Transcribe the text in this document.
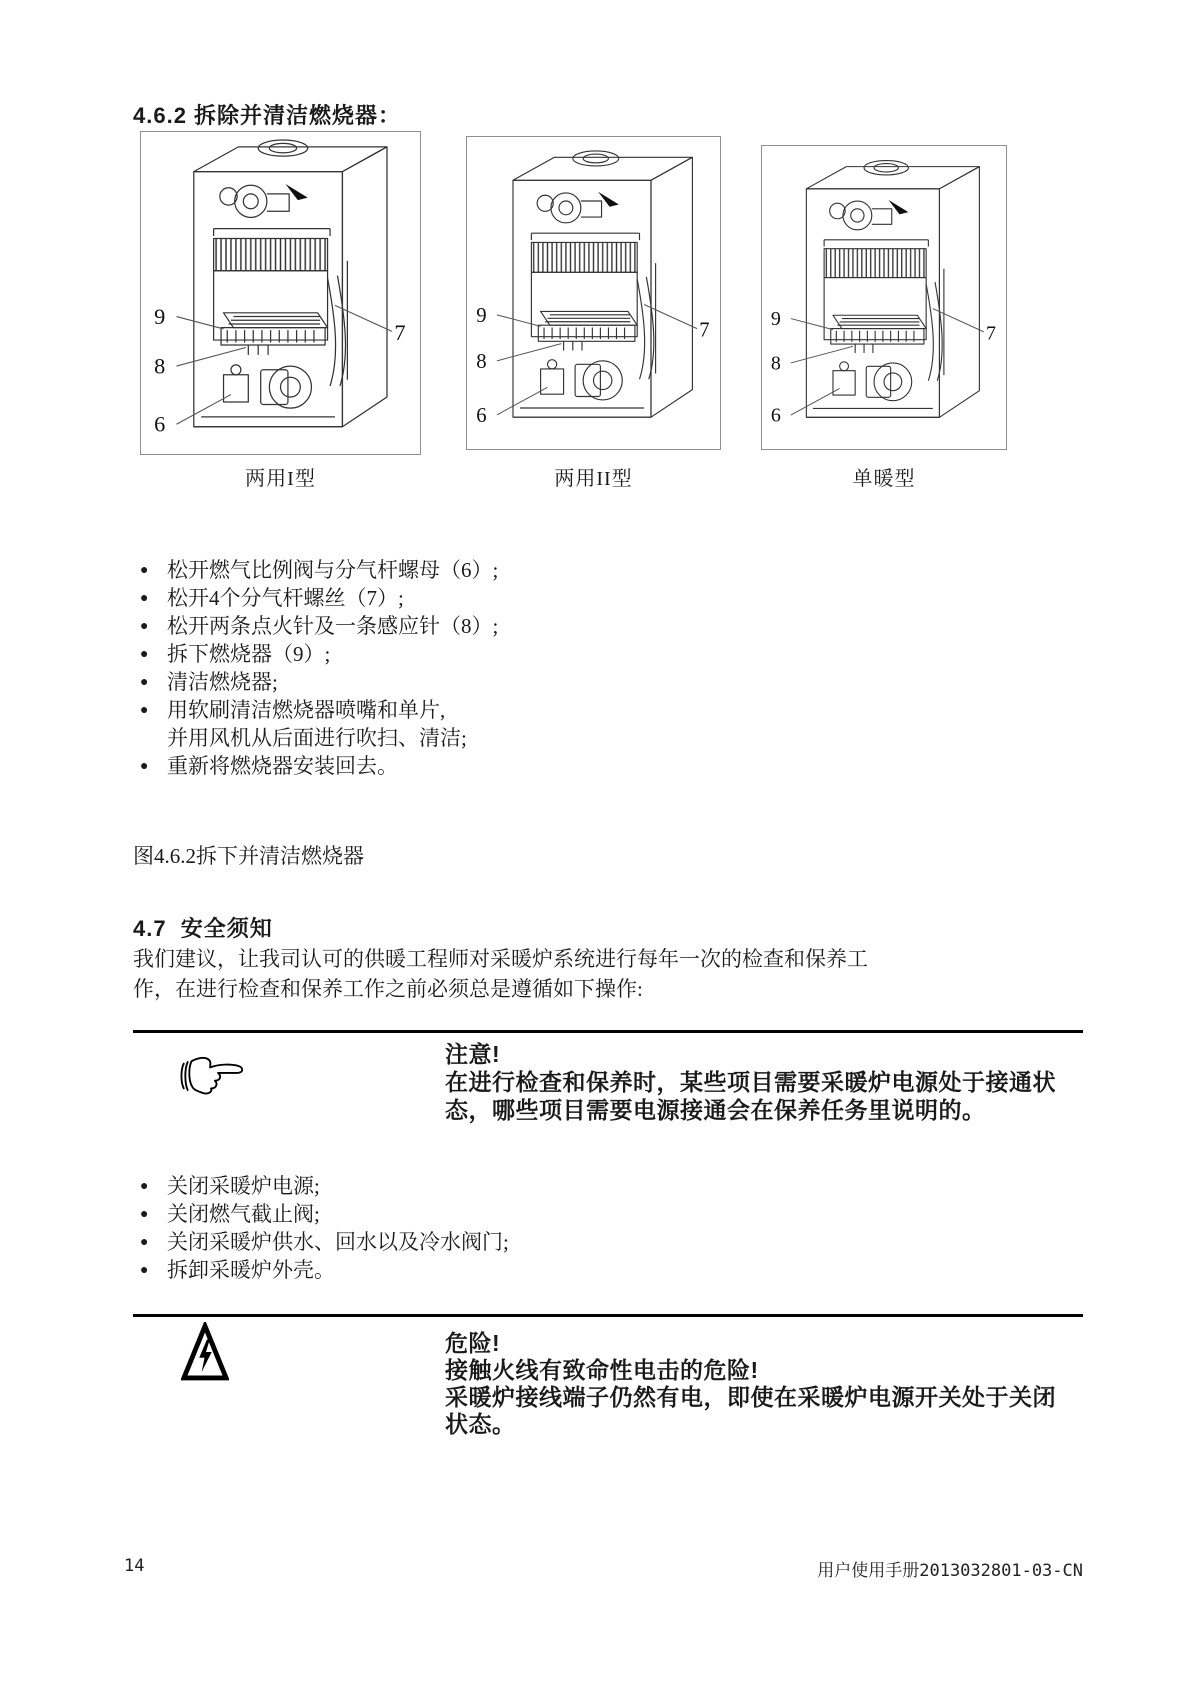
4.6.2 拆除并清洁燃烧器：
9
7
8
6
9
7
8
6
9
7
8
6
两用I型	两用II型	单暖型
● 松开燃气比例阀与分气杆螺母（6）;
● 松开4个分气杆螺丝（7）;
● 松开两条点火针及一条感应针（8）;
● 拆下燃烧器（9）;
● 清洁燃烧器;
● 用软刷清洁燃烧器喷嘴和单片,
并用风机从后面进行吹扫、清洁;
● 重新将燃烧器安装回去。
图4.6.2拆下并清洁燃烧器
4.7  安全须知
我们建议，让我司认可的供暖工程师对采暖炉系统进行每年一次的检查和保养工
作，在进行检查和保养工作之前必须总是遵循如下操作:
注意!
在进行检查和保养时，某些项目需要采暖炉电源处于接通状
态，哪些项目需要电源接通会在保养任务里说明的。
● 关闭采暖炉电源;
● 关闭燃气截止阀;
● 关闭采暖炉供水、回水以及冷水阀门;
● 拆卸采暖炉外壳。
危险!
接触火线有致命性电击的危险!
采暖炉接线端子仍然有电，即使在采暖炉电源开关处于关闭
状态。
14	用户使用手册2013032801-03-CN
